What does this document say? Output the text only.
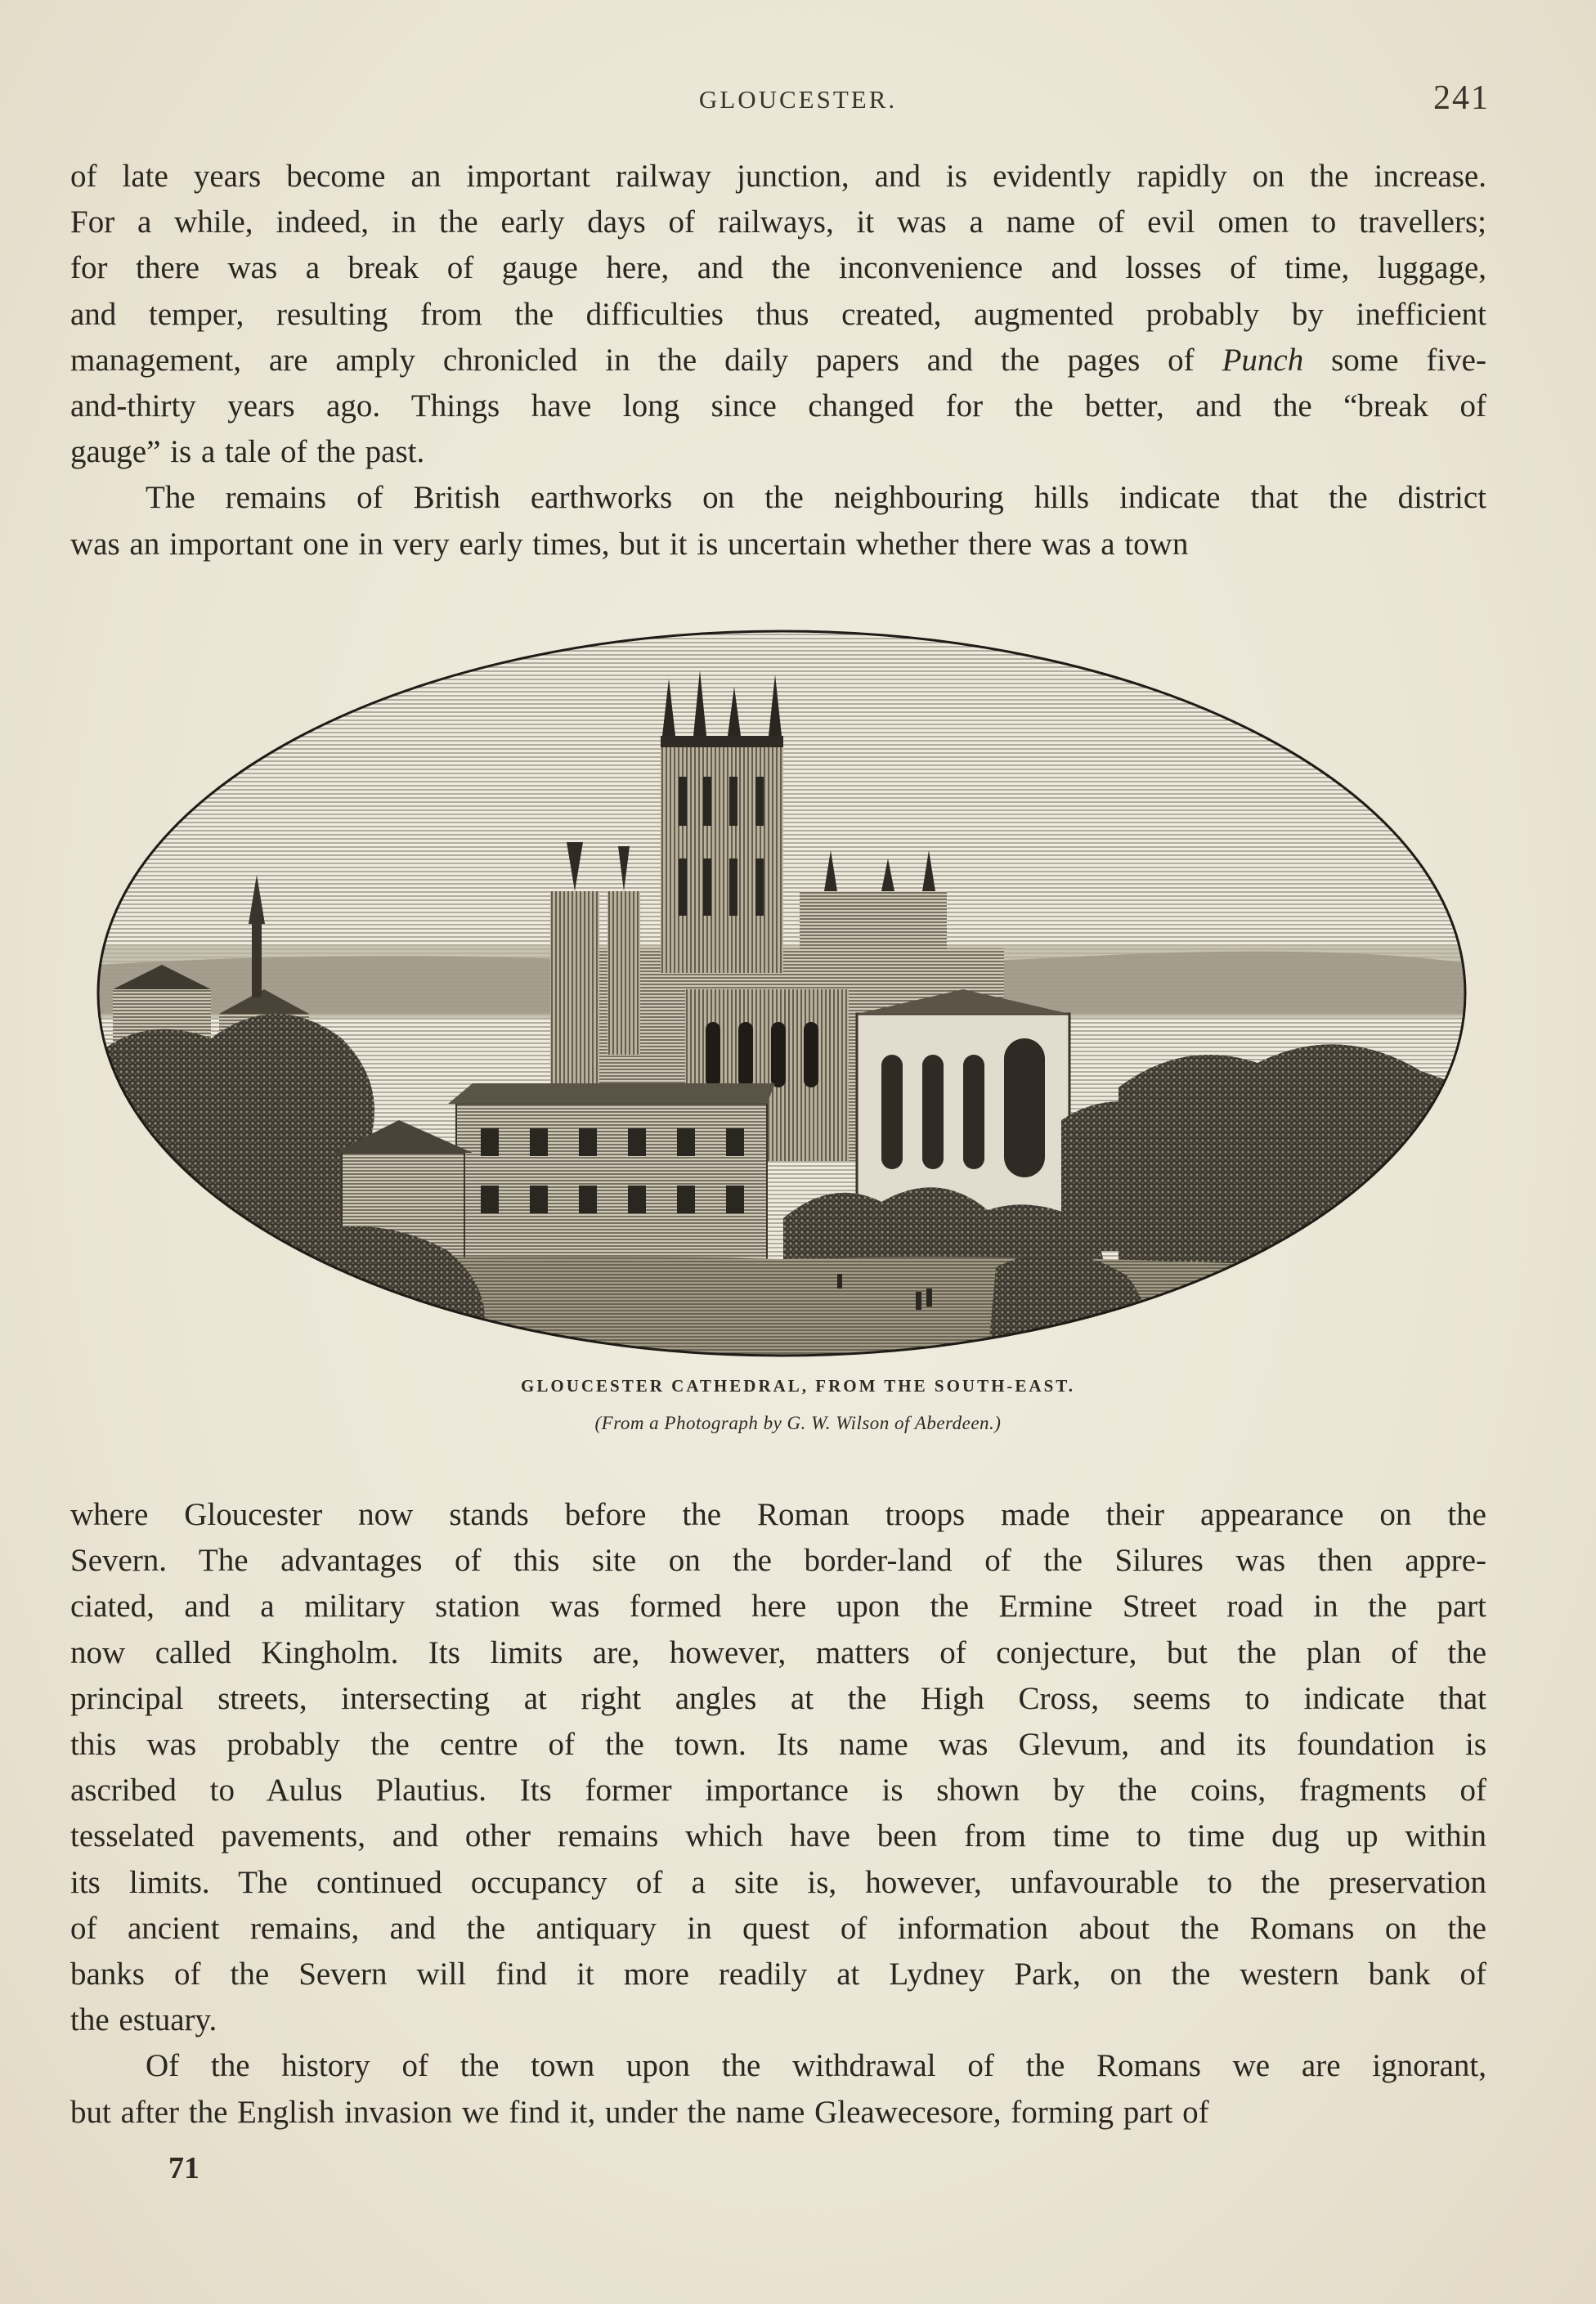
GLOUCESTER.	241

of late years become an important railway junction, and is evidently rapidly on the increase.
For a while, indeed, in the early days of railways, it was a name of evil omen to travellers;
for there was a break of gauge here, and the inconvenience and losses of time, luggage,
and temper, resulting from the difficulties thus created, augmented probably by inefficient
management, are amply chronicled in the daily papers and the pages of Punch some five-
and-thirty years ago. Things have long since changed for the better, and the “break of
gauge” is a tale of the past.

The remains of British earthworks on the neighbouring hills indicate that the district
was an important one in very early times, but it is uncertain whether there was a town

GLOUCESTER CATHEDRAL, FROM THE SOUTH-EAST.
(From a Photograph by G. W. Wilson of Aberdeen.)

where Gloucester now stands before the Roman troops made their appearance on the
Severn. The advantages of this site on the border-land of the Silures was then appre-
ciated, and a military station was formed here upon the Ermine Street road in the part
now called Kingholm. Its limits are, however, matters of conjecture, but the plan of the
principal streets, intersecting at right angles at the High Cross, seems to indicate that
this was probably the centre of the town. Its name was Glevum, and its foundation is
ascribed to Aulus Plautius. Its former importance is shown by the coins, fragments of
tesselated pavements, and other remains which have been from time to time dug up within
its limits. The continued occupancy of a site is, however, unfavourable to the preservation
of ancient remains, and the antiquary in quest of information about the Romans on the
banks of the Severn will find it more readily at Lydney Park, on the western bank of
the estuary.

Of the history of the town upon the withdrawal of the Romans we are ignorant,
but after the English invasion we find it, under the name Gleawecesore, forming part of

71
